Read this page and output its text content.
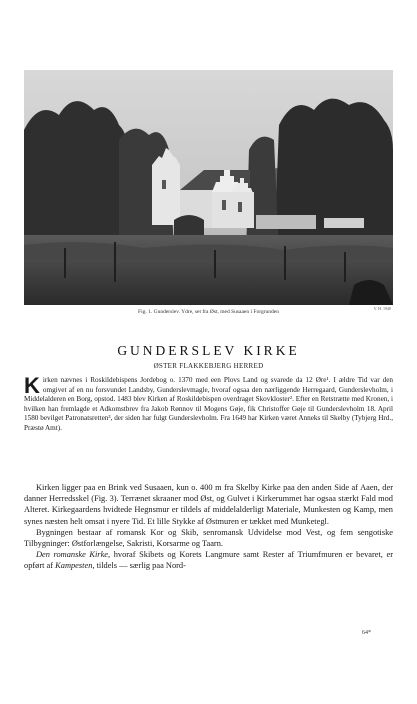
Fig. 1. Gunderslev. Ydre, set fra Øst, med Susaaen i Forgrunden
V. H. 1940
GUNDERSLEV KIRKE
ØSTER FLAKKEBJERG HERRED
Kirken nævnes i Roskildebispens Jordebog o. 1370 med een Plovs Land og svarede da 12 Øre¹. I ældre Tid var den omgivet af en nu forsvundet Landsby, Gunderslevmagle, hvoraf ogsaa den nærliggende Herregaard, Gunderslevholm, i Middelalderen en Borg, opstod. 1483 blev Kirken af Roskildebispen overdraget Skovkloster². Efter en Retstrætte med Kronen, i hvilken han fremlagde et Adkomstbrev fra Jakob Rønnov til Mogens Gøje, fik Christoffer Gøje til Gunderslevholm 18. April 1580 bevilget Patronatsretten³, der siden har fulgt Gunderslevholm. Fra 1649 har Kirken været Anneks til Skelby (Tybjerg Hrd., Præstø Amt).

Kirken ligger paa en Brink ved Susaaen, kun o. 400 m fra Skelby Kirke paa den anden Side af Aaen, der danner Herredsskel (Fig. 3). Terrænet skraaner mod Øst, og Gulvet i Kirkerummet har ogsaa stærkt Fald mod Alteret. Kirkegaardens hvidtede Hegnsmur er tildels af middelalderligt Materiale, Munkesten og Kamp, men synes næsten helt omsat i nyere Tid. Et lille Stykke af Østmuren er tækket med Munketegl.

Bygningen bestaar af romansk Kor og Skib, senromansk Udvidelse mod Vest, og fem sengotiske Tilbygninger: Østforlængelse, Sakristi, Korsarme og Taarn.

Den romanske Kirke, hvoraf Skibets og Korets Langmure samt Rester af Triumfmuren er bevaret, er opført af Kampesten, tildels — særlig paa Nord-

64*
